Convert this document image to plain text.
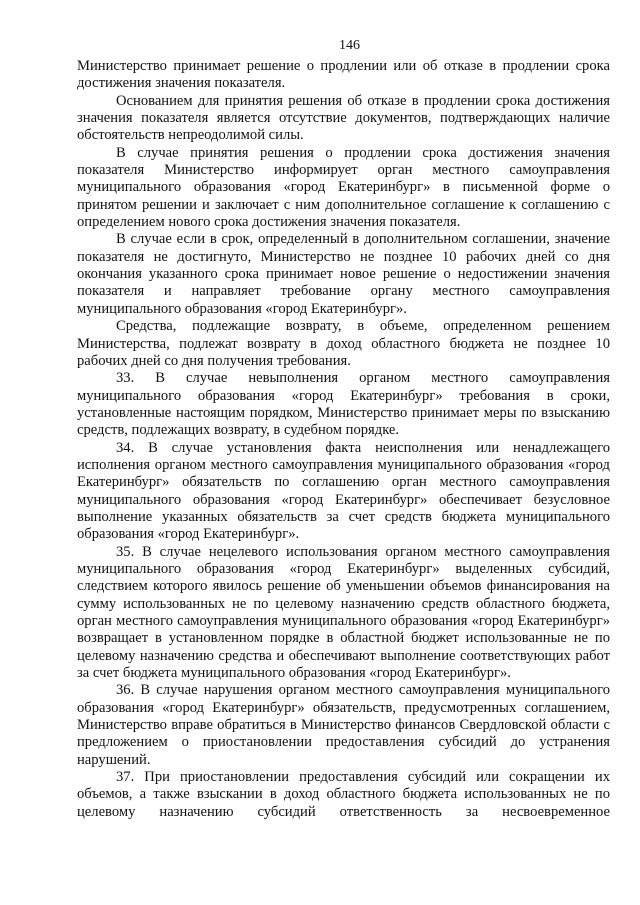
146

Министерство принимает решение о продлении или об отказе в продлении срока достижения значения показателя.

Основанием для принятия решения об отказе в продлении срока достижения значения показателя является отсутствие документов, подтверждающих наличие обстоятельств непреодолимой силы.

В случае принятия решения о продлении срока достижения значения показателя Министерство информирует орган местного самоуправления муниципального образования «город Екатеринбург» в письменной форме о принятом решении и заключает с ним дополнительное соглашение к соглашению с определением нового срока достижения значения показателя.

В случае если в срок, определенный в дополнительном соглашении, значение показателя не достигнуто, Министерство не позднее 10 рабочих дней со дня окончания указанного срока принимает новое решение о недостижении значения показателя и направляет требование органу местного самоуправления муниципального образования «город Екатеринбург».

Средства, подлежащие возврату, в объеме, определенном решением Министерства, подлежат возврату в доход областного бюджета не позднее 10 рабочих дней со дня получения требования.

33. В случае невыполнения органом местного самоуправления муниципального образования «город Екатеринбург» требования в сроки, установленные настоящим порядком, Министерство принимает меры по взысканию средств, подлежащих возврату, в судебном порядке.

34. В случае установления факта неисполнения или ненадлежащего исполнения органом местного самоуправления муниципального образования «город Екатеринбург» обязательств по соглашению орган местного самоуправления муниципального образования «город Екатеринбург» обеспечивает безусловное выполнение указанных обязательств за счет средств бюджета муниципального образования «город Екатеринбург».

35. В случае нецелевого использования органом местного самоуправления муниципального образования «город Екатеринбург» выделенных субсидий, следствием которого явилось решение об уменьшении объемов финансирования на сумму использованных не по целевому назначению средств областного бюджета, орган местного самоуправления муниципального образования «город Екатеринбург» возвращает в установленном порядке в областной бюджет использованные не по целевому назначению средства и обеспечивают выполнение соответствующих работ за счет бюджета муниципального образования «город Екатеринбург».

36. В случае нарушения органом местного самоуправления муниципального образования «город Екатеринбург» обязательств, предусмотренных соглашением, Министерство вправе обратиться в Министерство финансов Свердловской области с предложением о приостановлении предоставления субсидий до устранения нарушений.

37. При приостановлении предоставления субсидий или сокращении их объемов, а также взыскании в доход областного бюджета использованных не по целевому назначению субсидий ответственность за несвоевременное
